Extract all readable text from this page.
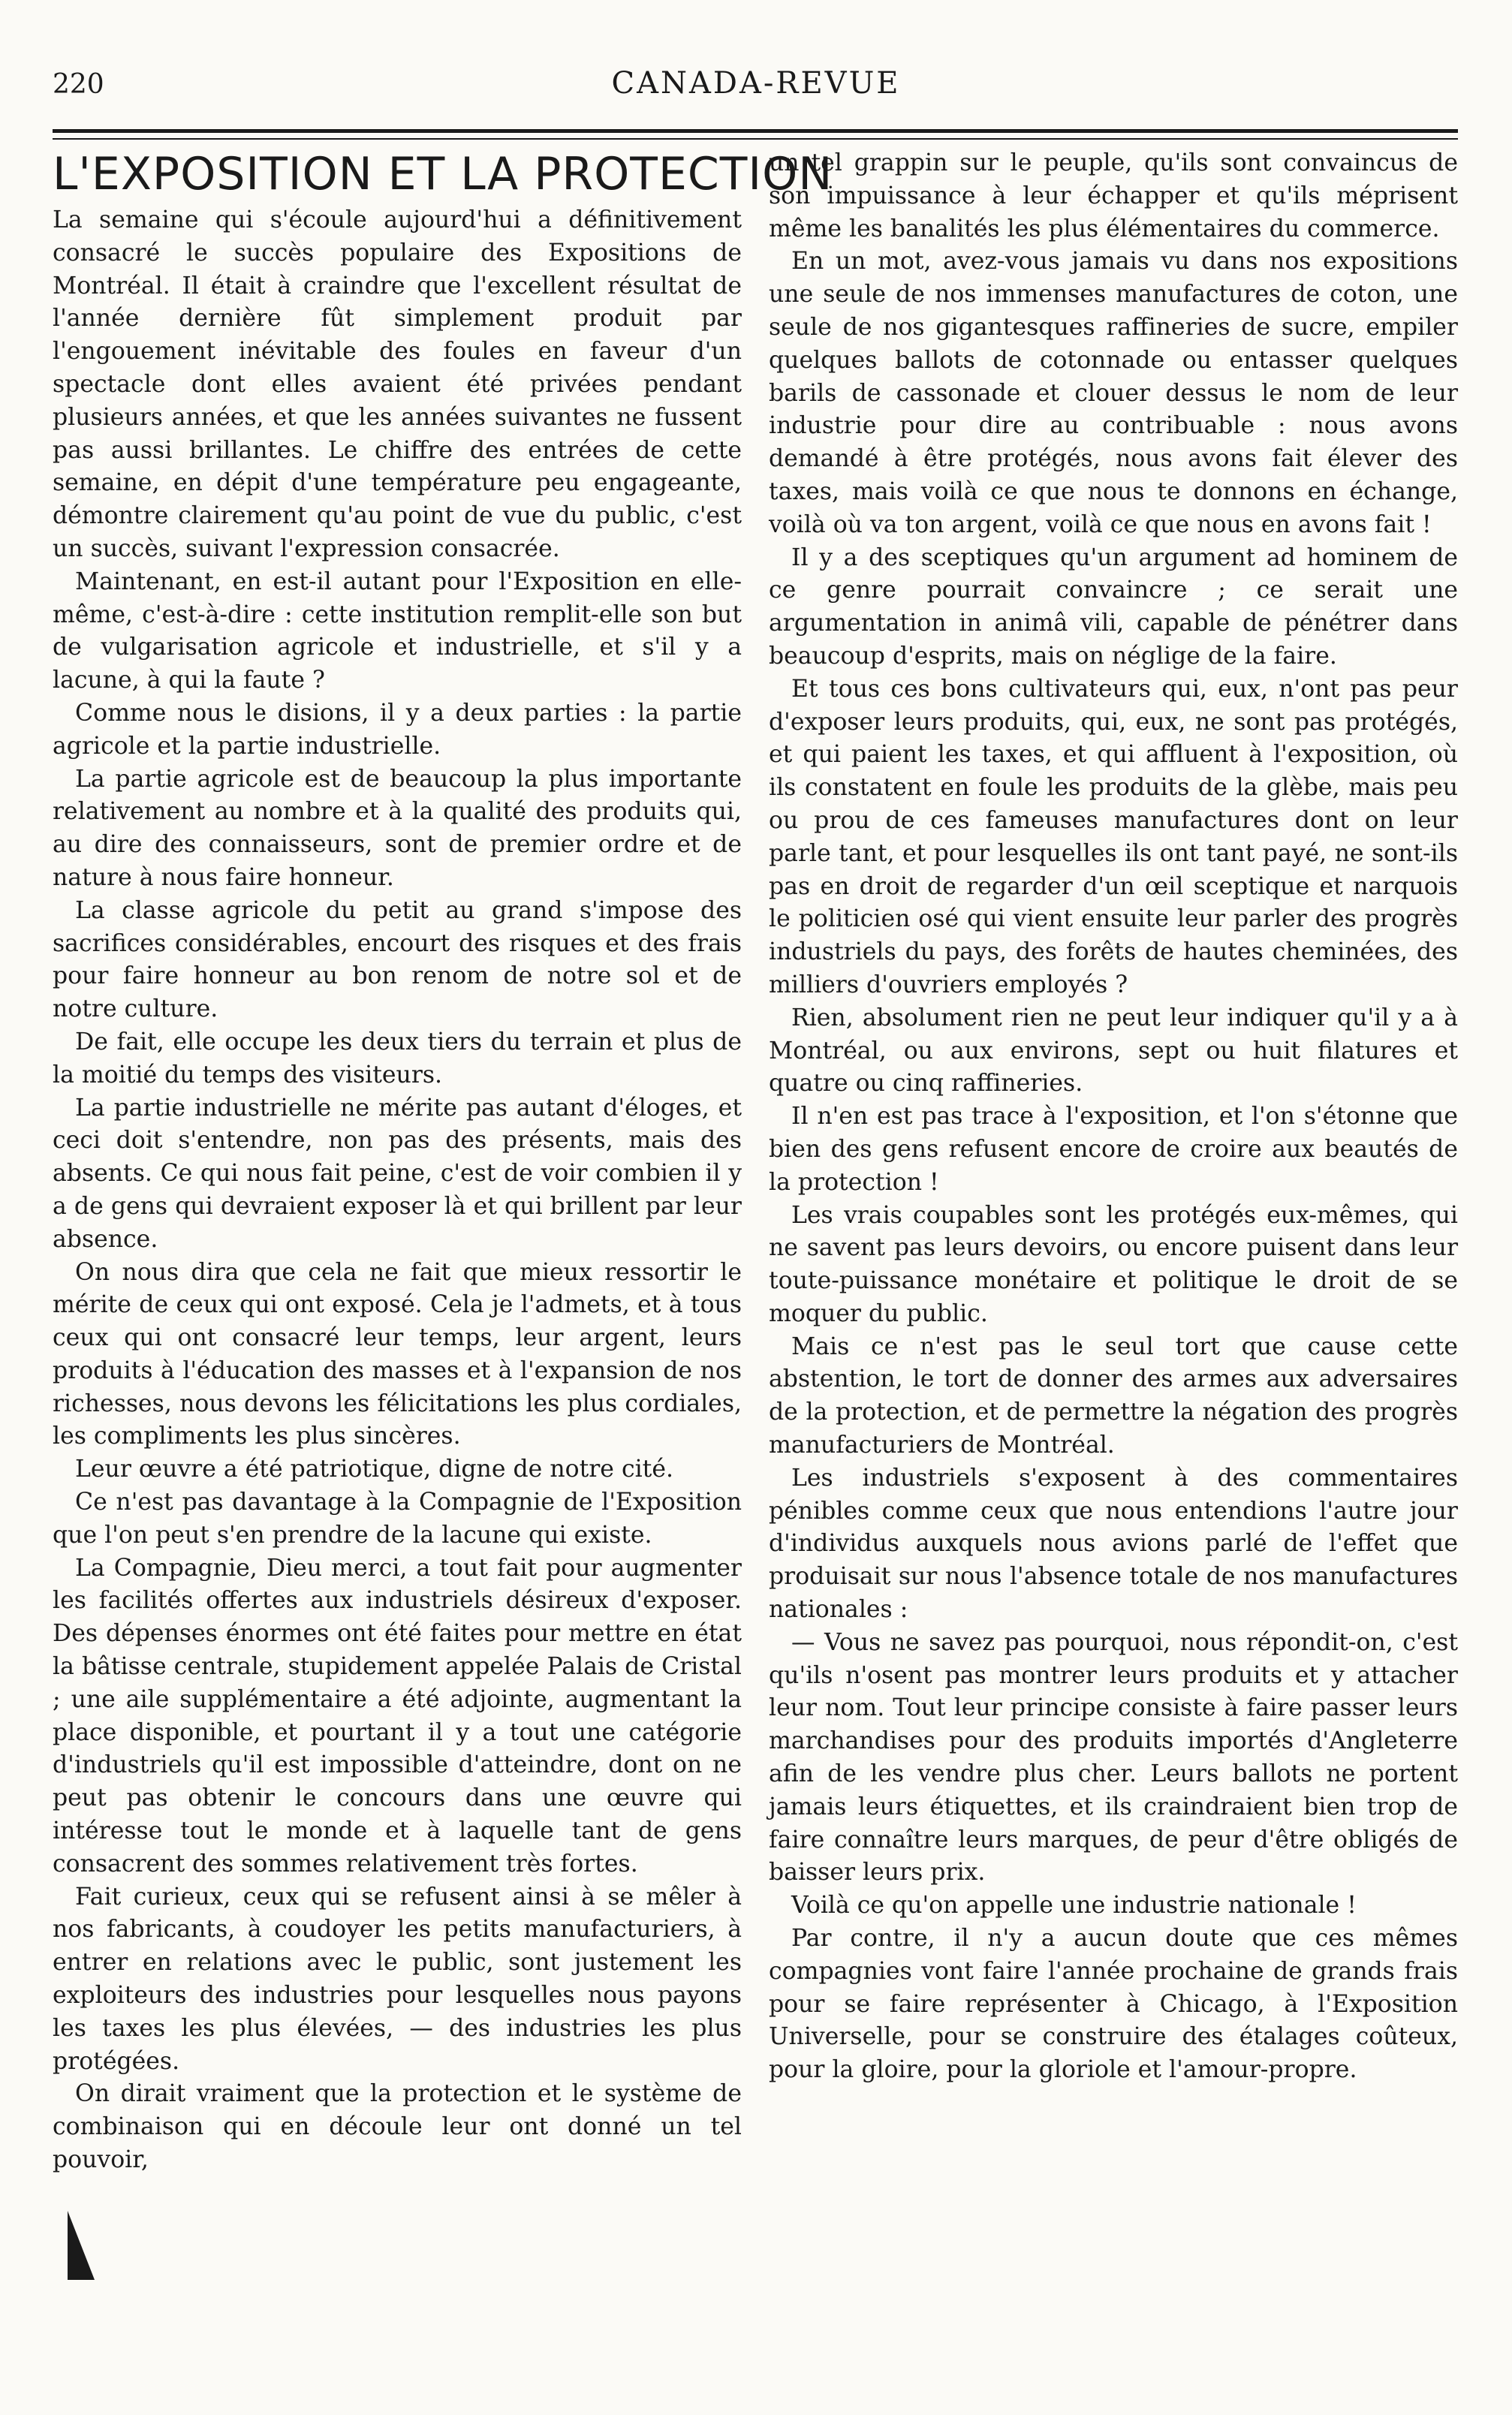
220	CANADA-REVUE
L'EXPOSITION ET LA PROTECTION

La semaine qui s'écoule aujourd'hui a définitivement consacré le succès populaire des Expositions de Montréal. Il était à craindre que l'excellent résultat de l'année dernière fût simplement produit par l'engouement inévitable des foules en faveur d'un spectacle dont elles avaient été privées pendant plusieurs années, et que les années suivantes ne fussent pas aussi brillantes. Le chiffre des entrées de cette semaine, en dépit d'une température peu engageante, démontre clairement qu'au point de vue du public, c'est un succès, suivant l'expression consacrée.

Maintenant, en est-il autant pour l'Exposition en elle-même, c'est-à-dire : cette institution remplit-elle son but de vulgarisation agricole et industrielle, et s'il y a lacune, à qui la faute ?

Comme nous le disions, il y a deux parties : la partie agricole et la partie industrielle.

La partie agricole est de beaucoup la plus importante relativement au nombre et à la qualité des produits qui, au dire des connaisseurs, sont de premier ordre et de nature à nous faire honneur.

La classe agricole du petit au grand s'impose des sacrifices considérables, encourt des risques et des frais pour faire honneur au bon renom de notre sol et de notre culture.

De fait, elle occupe les deux tiers du terrain et plus de la moitié du temps des visiteurs.

La partie industrielle ne mérite pas autant d'éloges, et ceci doit s'entendre, non pas des présents, mais des absents. Ce qui nous fait peine, c'est de voir combien il y a de gens qui devraient exposer là et qui brillent par leur absence.

On nous dira que cela ne fait que mieux ressortir le mérite de ceux qui ont exposé. Cela je l'admets, et à tous ceux qui ont consacré leur temps, leur argent, leurs produits à l'éducation des masses et à l'expansion de nos richesses, nous devons les félicitations les plus cordiales, les compliments les plus sincères.

Leur œuvre a été patriotique, digne de notre cité.

Ce n'est pas davantage à la Compagnie de l'Exposition que l'on peut s'en prendre de la lacune qui existe.

La Compagnie, Dieu merci, a tout fait pour augmenter les facilités offertes aux industriels désireux d'exposer. Des dépenses énormes ont été faites pour mettre en état la bâtisse centrale, stupidement appelée Palais de Cristal ; une aile supplémentaire a été adjointe, augmentant la place disponible, et pourtant il y a tout une catégorie d'industriels qu'il est impossible d'atteindre, dont on ne peut pas obtenir le concours dans une œuvre qui intéresse tout le monde et à laquelle tant de gens consacrent des sommes relativement très fortes.

Fait curieux, ceux qui se refusent ainsi à se mêler à nos fabricants, à coudoyer les petits manufacturiers, à entrer en relations avec le public, sont justement les exploiteurs des industries pour lesquelles nous payons les taxes les plus élevées, — des industries les plus protégées.

On dirait vraiment que la protection et le système de combinaison qui en découle leur ont donné un tel pouvoir,

un tel grappin sur le peuple, qu'ils sont convaincus de son impuissance à leur échapper et qu'ils méprisent même les banalités les plus élémentaires du commerce.

En un mot, avez-vous jamais vu dans nos expositions une seule de nos immenses manufactures de coton, une seule de nos gigantesques raffineries de sucre, empiler quelques ballots de cotonnade ou entasser quelques barils de cassonade et clouer dessus le nom de leur industrie pour dire au contribuable : nous avons demandé à être protégés, nous avons fait élever des taxes, mais voilà ce que nous te donnons en échange, voilà où va ton argent, voilà ce que nous en avons fait !

Il y a des sceptiques qu'un argument ad hominem de ce genre pourrait convaincre ; ce serait une argumentation in animâ vili, capable de pénétrer dans beaucoup d'esprits, mais on néglige de la faire.

Et tous ces bons cultivateurs qui, eux, n'ont pas peur d'exposer leurs produits, qui, eux, ne sont pas protégés, et qui paient les taxes, et qui affluent à l'exposition, où ils constatent en foule les produits de la glèbe, mais peu ou prou de ces fameuses manufactures dont on leur parle tant, et pour lesquelles ils ont tant payé, ne sont-ils pas en droit de regarder d'un œil sceptique et narquois le politicien osé qui vient ensuite leur parler des progrès industriels du pays, des forêts de hautes cheminées, des milliers d'ouvriers employés ?

Rien, absolument rien ne peut leur indiquer qu'il y a à Montréal, ou aux environs, sept ou huit filatures et quatre ou cinq raffineries.

Il n'en est pas trace à l'exposition, et l'on s'étonne que bien des gens refusent encore de croire aux beautés de la protection !

Les vrais coupables sont les protégés eux-mêmes, qui ne savent pas leurs devoirs, ou encore puisent dans leur toute-puissance monétaire et politique le droit de se moquer du public.

Mais ce n'est pas le seul tort que cause cette abstention, le tort de donner des armes aux adversaires de la protection, et de permettre la négation des progrès manufacturiers de Montréal.

Les industriels s'exposent à des commentaires pénibles comme ceux que nous entendions l'autre jour d'individus auxquels nous avions parlé de l'effet que produisait sur nous l'absence totale de nos manufactures nationales :

— Vous ne savez pas pourquoi, nous répondit-on, c'est qu'ils n'osent pas montrer leurs produits et y attacher leur nom. Tout leur principe consiste à faire passer leurs marchandises pour des produits importés d'Angleterre afin de les vendre plus cher. Leurs ballots ne portent jamais leurs étiquettes, et ils craindraient bien trop de faire connaître leurs marques, de peur d'être obligés de baisser leurs prix.

Voilà ce qu'on appelle une industrie nationale !

Par contre, il n'y a aucun doute que ces mêmes compagnies vont faire l'année prochaine de grands frais pour se faire représenter à Chicago, à l'Exposition Universelle, pour se construire des étalages coûteux, pour la gloire, pour la gloriole et l'amour-propre.
